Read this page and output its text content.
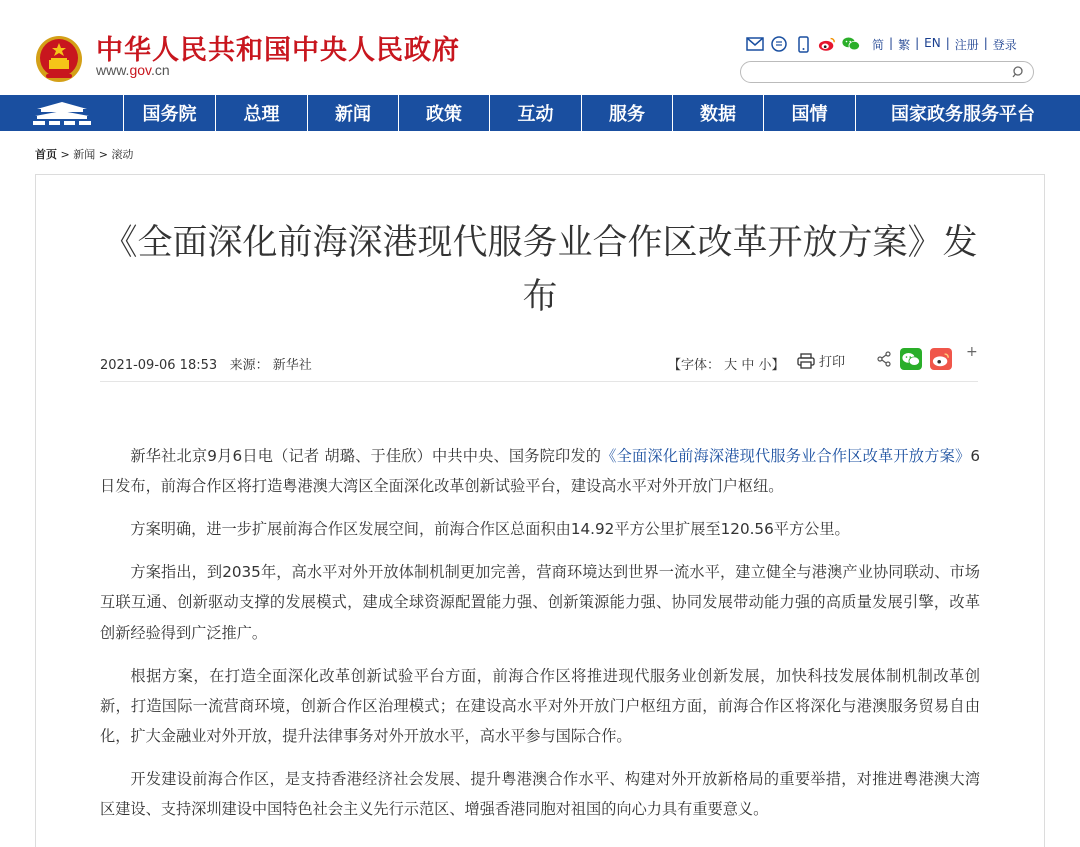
中华人民共和国中央人民政府
www.gov.cn
简 | 繁 | EN | 注册 | 登录
国务院	总理	新闻	政策	互动	服务	数据	国情	国家政务服务平台
首页 > 新闻 > 滚动
《全面深化前海深港现代服务业合作区改革开放方案》发布
2021-09-06 18:53 来源： 新华社	【字体： 大 中 小】	打印
+

新华社北京9月6日电（记者 胡璐、于佳欣）中共中央、国务院印发的《全面深化前海深港现代服务业合作区改革开放方案》6日发布，前海合作区将打造粤港澳大湾区全面深化改革创新试验平台，建设高水平对外开放门户枢纽。

方案明确，进一步扩展前海合作区发展空间，前海合作区总面积由14.92平方公里扩展至120.56平方公里。

方案指出，到2035年，高水平对外开放体制机制更加完善，营商环境达到世界一流水平，建立健全与港澳产业协同联动、市场互联互通、创新驱动支撑的发展模式，建成全球资源配置能力强、创新策源能力强、协同发展带动能力强的高质量发展引擎，改革创新经验得到广泛推广。

根据方案，在打造全面深化改革创新试验平台方面，前海合作区将推进现代服务业创新发展，加快科技发展体制机制改革创新，打造国际一流营商环境，创新合作区治理模式；在建设高水平对外开放门户枢纽方面，前海合作区将深化与港澳服务贸易自由化，扩大金融业对外开放，提升法律事务对外开放水平，高水平参与国际合作。

开发建设前海合作区，是支持香港经济社会发展、提升粤港澳合作水平、构建对外开放新格局的重要举措，对推进粤港澳大湾区建设、支持深圳建设中国特色社会主义先行示范区、增强香港同胞对祖国的向心力具有重要意义。
